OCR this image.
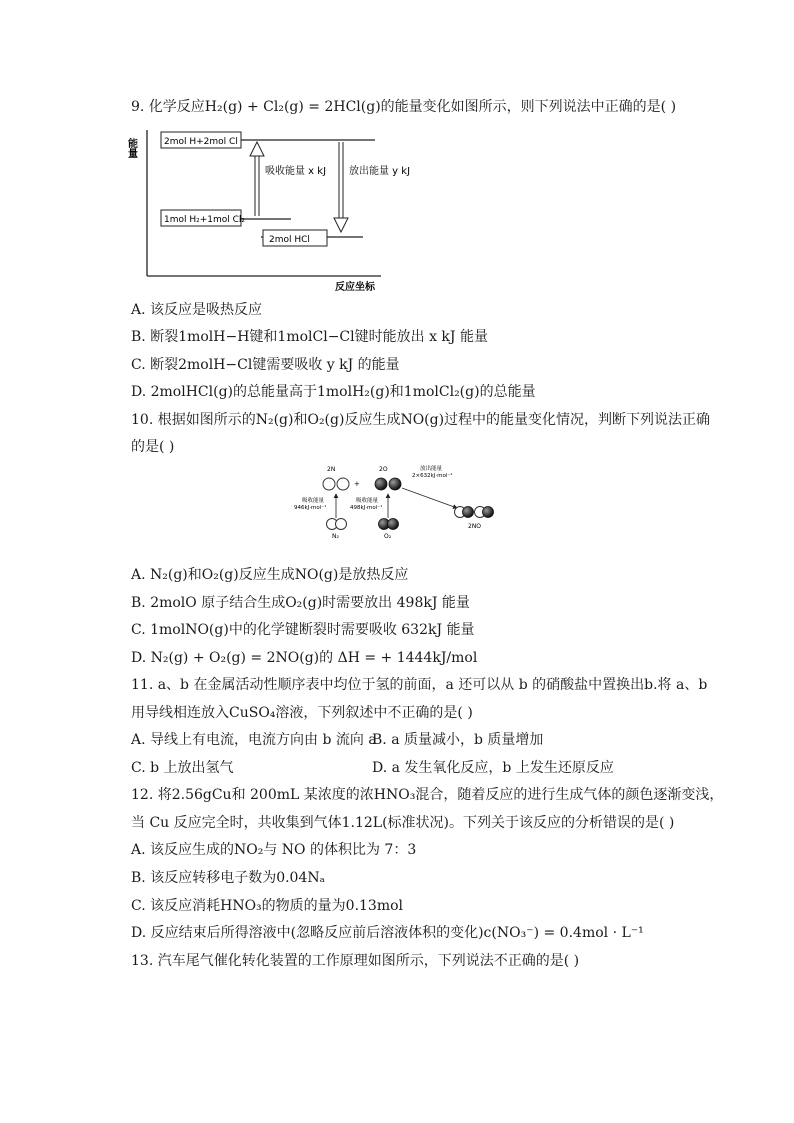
9. 化学反应H₂(g) + Cl₂(g) = 2HCl(g)的能量变化如图所示，则下列说法中正确的是( )
能量
反应坐标
2mol H+2mol Cl
1mol H₂+1mol Cl₂
2mol HCl
吸收能量 x kJ 放出能量 y kJ
A. 该反应是吸热反应
B. 断裂1molH−H键和1molCl−Cl键时能放出 x kJ 能量
C. 断裂2molH−Cl键需要吸收 y kJ 的能量
D. 2molHCl(g)的总能量高于1molH₂(g)和1molCl₂(g)的总能量
10. 根据如图所示的N₂(g)和O₂(g)反应生成NO(g)过程中的能量变化情况，判断下列说法正确
的是( )
2N
+
2O	放出能量
2×632kJ·mol⁻¹
吸收能量
946kJ·mol⁻¹
N₂
吸收能量
498kJ·mol⁻¹
O₂
2NO
A. N₂(g)和O₂(g)反应生成NO(g)是放热反应
B. 2molO 原子结合生成O₂(g)时需要放出 498kJ 能量
C. 1molNO(g)中的化学键断裂时需要吸收 632kJ 能量
D. N₂(g) + O₂(g) = 2NO(g)的 ΔH = + 1444kJ/mol
11. a、b 在金属活动性顺序表中均位于氢的前面，a 还可以从 b 的硝酸盐中置换出b.将 a、b
用导线相连放入CuSO₄溶液，下列叙述中不正确的是( )
A. 导线上有电流，电流方向由 b 流向 a
B. a 质量减小，b 质量增加
C. b 上放出氢气	D. a 发生氧化反应，b 上发生还原反应
12. 将2.56gCu和 200mL 某浓度的浓HNO₃混合，随着反应的进行生成气体的颜色逐渐变浅，
当 Cu 反应完全时，共收集到气体1.12L(标准状况)。下列关于该反应的分析错误的是( )
A. 该反应生成的NO₂与 NO 的体积比为 7：3
B. 该反应转移电子数为0.04Nₐ
C. 该反应消耗HNO₃的物质的量为0.13mol
D. 反应结束后所得溶液中(忽略反应前后溶液体积的变化)c(NO₃⁻) = 0.4mol · L⁻¹
13. 汽车尾气催化转化装置的工作原理如图所示，下列说法不正确的是( )
